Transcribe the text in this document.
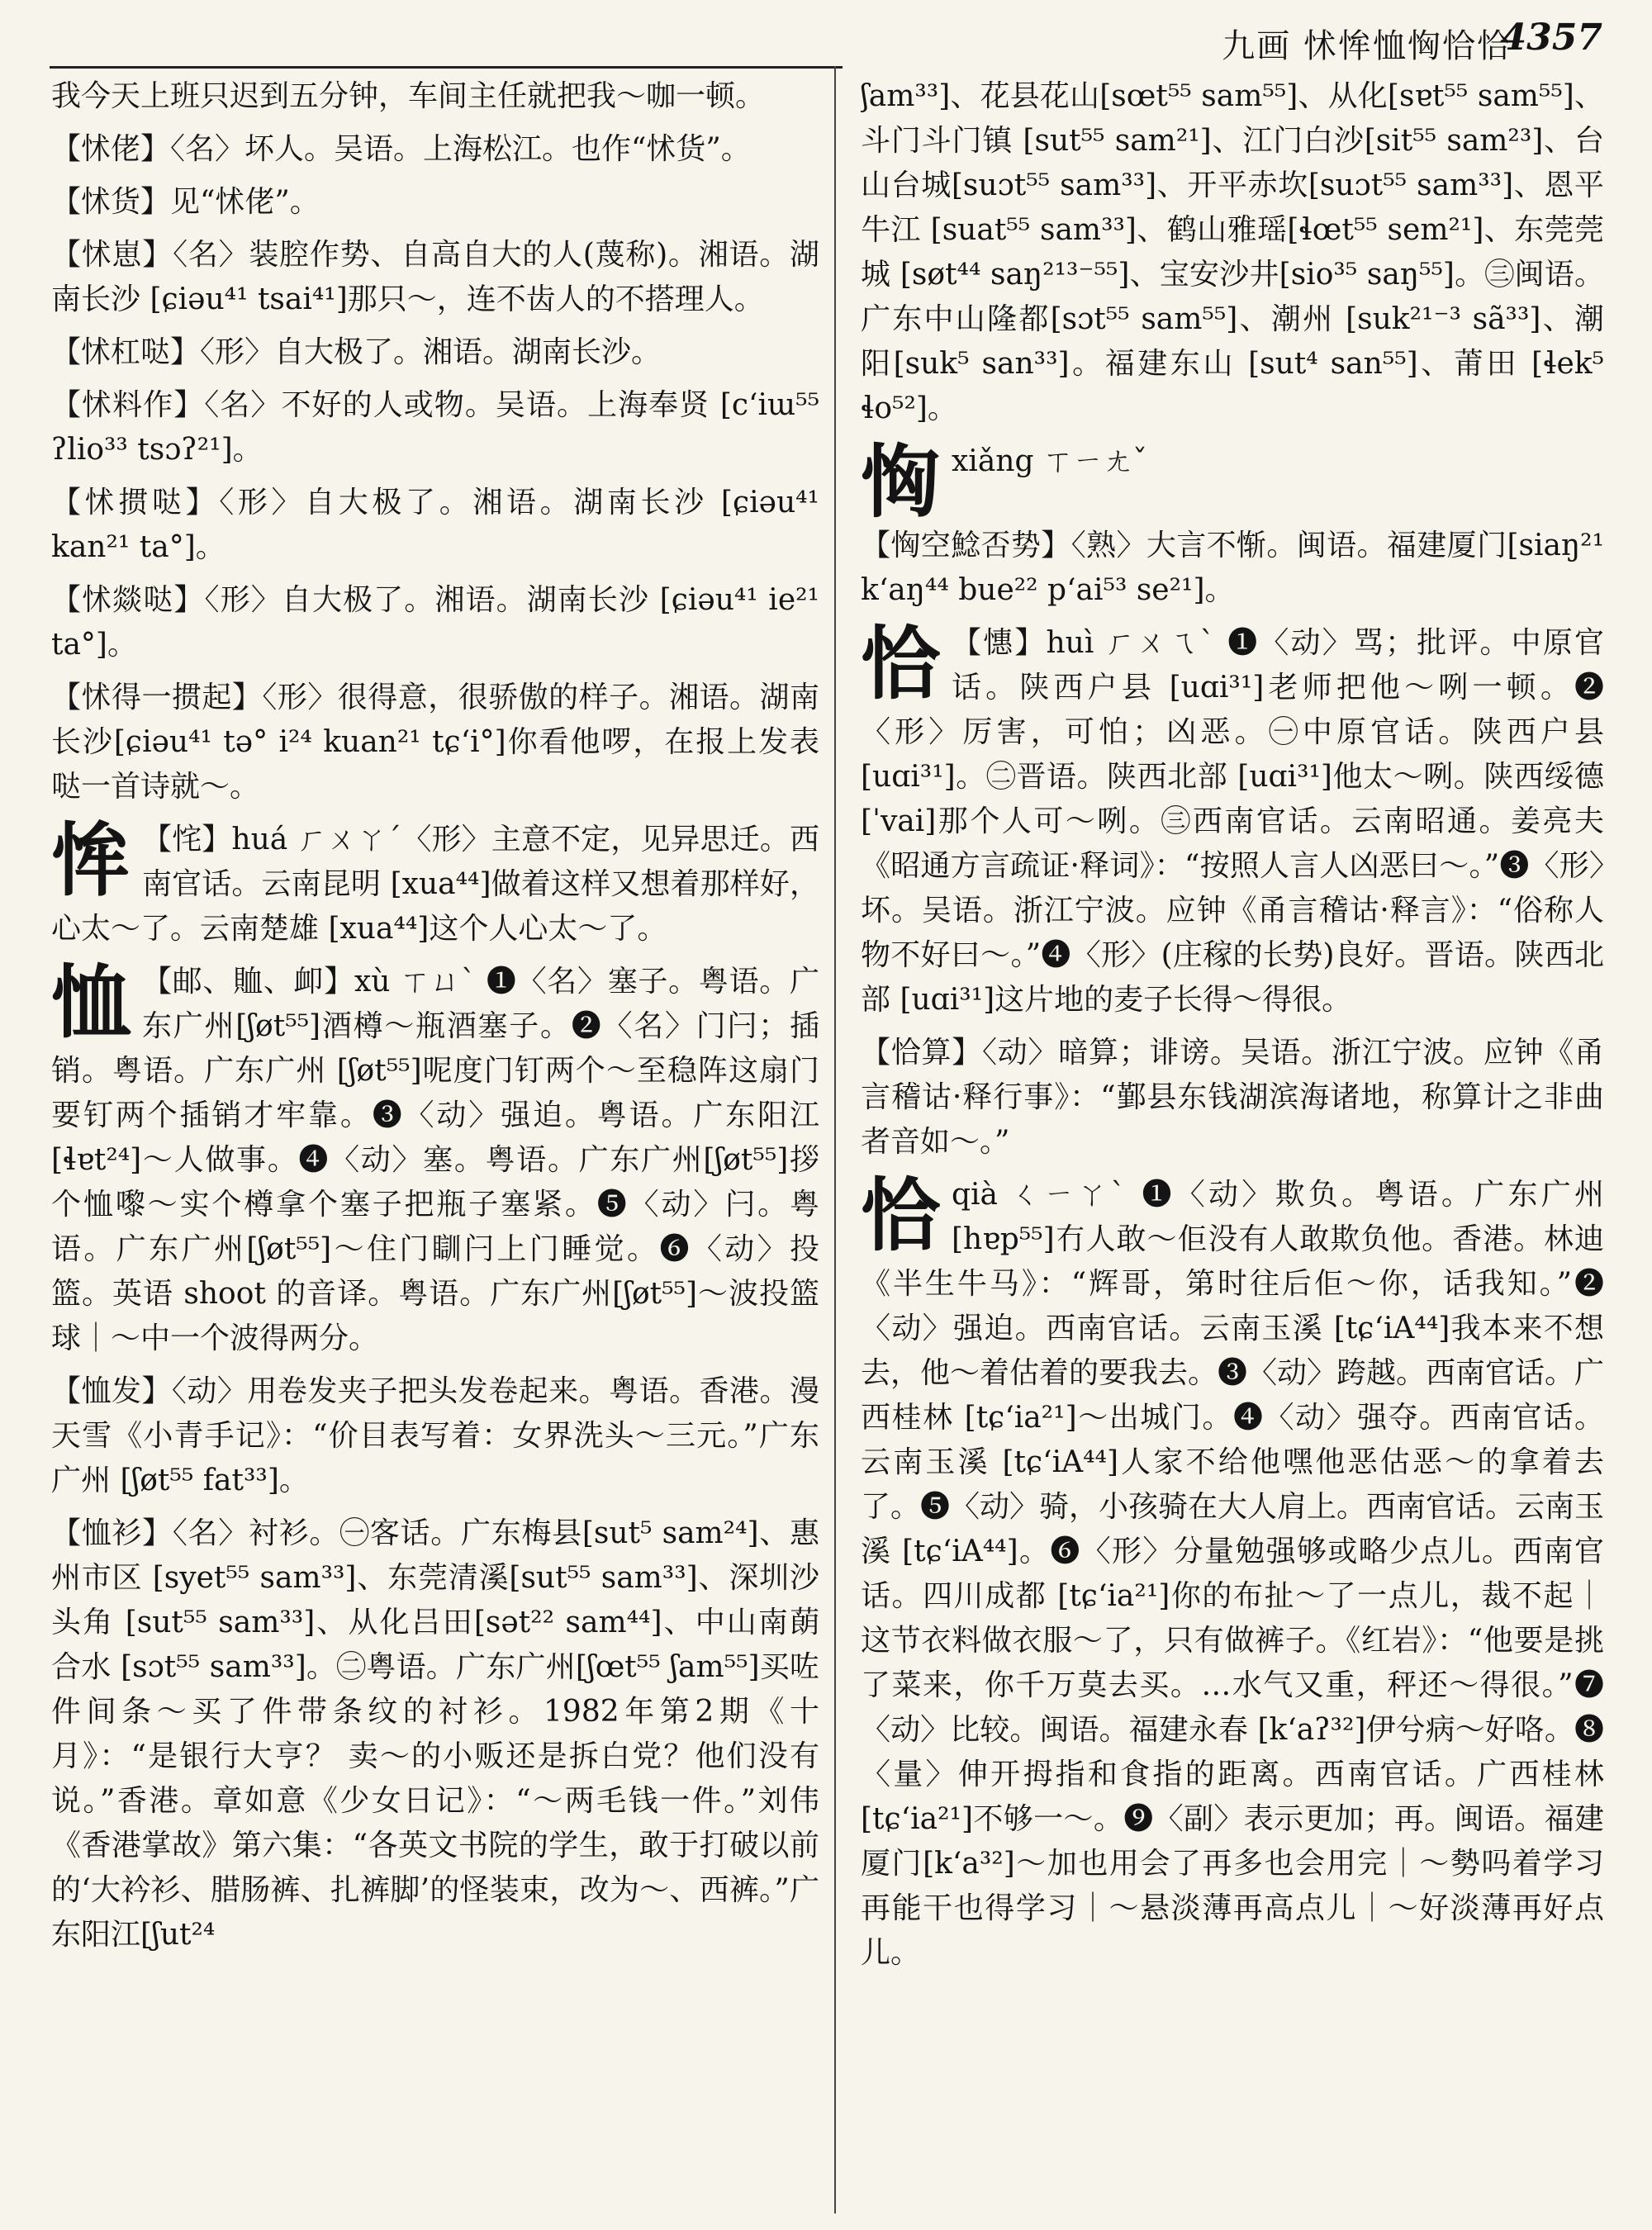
九画 怵恈恤恟恰恰
4357
我今天上班只迟到五分钟，车间主任就把我～咖一顿。
【怵佬】〈名〉坏人。吴语。上海松江。也作“怵货”。
【怵货】见“怵佬”。
【怵崽】〈名〉装腔作势、自高自大的人(蔑称)。湘语。湖南长沙 [ɕiəu⁴¹ tsai⁴¹]那只～，连不齿人的不搭理人。
【怵杠哒】〈形〉自大极了。湘语。湖南长沙。
【怵料作】〈名〉不好的人或物。吴语。上海奉贤 [cʻiɯ⁵⁵ ʔlio³³ tsɔʔ²¹]。
【怵掼哒】〈形〉自大极了。湘语。湖南长沙 [ɕiəu⁴¹ kan²¹ ta°]。
【怵燚哒】〈形〉自大极了。湘语。湖南长沙 [ɕiəu⁴¹ ie²¹ ta°]。
【怵得一掼起】〈形〉很得意，很骄傲的样子。湘语。湖南长沙[ɕiəu⁴¹ tə° i²⁴ kuan²¹ tɕʻi°]你看他啰，在报上发表哒一首诗就～。
恈 【㤞】huá ㄏㄨㄚˊ〈形〉主意不定，见异思迁。西南官话。云南昆明 [xua⁴⁴]做着这样又想着那样好，心太～了。云南楚雄 [xua⁴⁴]这个人心太～了。
恤 【邮、賉、卹】xù ㄒㄩˋ ❶〈名〉塞子。粤语。广东广州[ʃøt⁵⁵]酒樽～瓶酒塞子。❷〈名〉门闩；插销。粤语。广东广州 [ʃøt⁵⁵]呢度门钉两个～至稳阵这扇门要钉两个插销才牢靠。❸〈动〉强迫。粤语。广东阳江 [ɬɐt²⁴]～人做事。❹〈动〉塞。粤语。广东广州[ʃøt⁵⁵]拶个恤嚟～实个樽拿个塞子把瓶子塞紧。❺〈动〉闩。粤语。广东广州[ʃøt⁵⁵]～住门瞓闩上门睡觉。❻〈动〉投篮。英语 shoot 的音译。粤语。广东广州[ʃøt⁵⁵]～波投篮球｜～中一个波得两分。
【恤发】〈动〉用卷发夹子把头发卷起来。粤语。香港。漫天雪《小青手记》：“价目表写着：女界洗头～三元。”广东广州 [ʃøt⁵⁵ fat³³]。
【恤衫】〈名〉衬衫。㊀客话。广东梅县[sut⁵ sam²⁴]、惠州市区 [syet⁵⁵ sam³³]、东莞清溪[sut⁵⁵ sam³³]、深圳沙头角 [sut⁵⁵ sam³³]、从化吕田[sət²² sam⁴⁴]、中山南蓢合水 [sɔt⁵⁵ sam³³]。㊁粤语。广东广州[ʃœt⁵⁵ ʃam⁵⁵]买咗件间条～买了件带条纹的衬衫。1982年第2期《十月》：“是银行大亨？ 卖～的小贩还是拆白党？他们没有说。”香港。章如意《少女日记》：“～两毛钱一件。”刘伟《香港掌故》第六集：“各英文书院的学生，敢于打破以前的‘大衿衫、腊肠裤、扎裤脚’的怪装束，改为～、西裤。”广东阳江[ʃut²⁴
ʃam³³]、花县花山[sœt⁵⁵ sam⁵⁵]、从化[sɐt⁵⁵ sam⁵⁵]、斗门斗门镇 [sut⁵⁵ sam²¹]、江门白沙[sit⁵⁵ sam²³]、台山台城[suɔt⁵⁵ sam³³]、开平赤坎[suɔt⁵⁵ sam³³]、恩平牛江 [suat⁵⁵ sam³³]、鹤山雅瑶[ɬœt⁵⁵ sem²¹]、东莞莞城 [søt⁴⁴ saŋ²¹³⁻⁵⁵]、宝安沙井[sio³⁵ saŋ⁵⁵]。㊂闽语。广东中山隆都[sɔt⁵⁵ sam⁵⁵]、潮州 [suk²¹⁻³ sã³³]、潮阳[suk⁵ san³³]。福建东山 [sut⁴ san⁵⁵]、莆田 [ɬek⁵ ɬo⁵²]。
恟 xiǎng ㄒㄧㄤˇ
【恟空鯰否势】〈熟〉大言不惭。闽语。福建厦门[siaŋ²¹ kʻaŋ⁴⁴ bue²² pʻai⁵³ se²¹]。
恰 【憓】huì ㄏㄨㄟˋ ❶〈动〉骂；批评。中原官话。陕西户县 [uɑi³¹]老师把他～咧一顿。❷〈形〉厉害，可怕；凶恶。㊀中原官话。陕西户县 [uɑi³¹]。㊁晋语。陕西北部 [uɑi³¹]他太～咧。陕西绥德 [ˈvai]那个人可～咧。㊂西南官话。云南昭通。姜亮夫《昭通方言疏证·释词》：“按照人言人凶恶曰～。”❸〈形〉坏。吴语。浙江宁波。应钟《甬言稽诂·释言》：“俗称人物不好曰～。”❹〈形〉(庄稼的长势)良好。晋语。陕西北部 [uɑi³¹]这片地的麦子长得～得很。
【恰算】〈动〉暗算；诽谤。吴语。浙江宁波。应钟《甬言稽诂·释行事》：“鄞县东钱湖滨海诸地，称算计之非曲者音如～。”
恰 qià ㄑㄧㄚˋ ❶〈动〉欺负。粤语。广东广州[hɐp⁵⁵]冇人敢～佢没有人敢欺负他。香港。林迪《半生牛马》：“辉哥，第时往后佢～你，话我知。”❷〈动〉强迫。西南官话。云南玉溪 [tɕʻiA⁴⁴]我本来不想去，他～着估着的要我去。❸〈动〉跨越。西南官话。广西桂林 [tɕʻia²¹]～出城门。❹〈动〉强夺。西南官话。云南玉溪 [tɕʻiA⁴⁴]人家不给他嘿他恶估恶～的拿着去了。❺〈动〉骑，小孩骑在大人肩上。西南官话。云南玉溪 [tɕʻiA⁴⁴]。❻〈形〉分量勉强够或略少点儿。西南官话。四川成都 [tɕʻia²¹]你的布扯～了一点儿，裁不起｜这节衣料做衣服～了，只有做裤子。《红岩》：“他要是挑了菜来，你千万莫去买。…水气又重，秤还～得很。”❼〈动〉比较。闽语。福建永春 [kʻaʔ³²]伊兮病～好咯。❽〈量〉伸开拇指和食指的距离。西南官话。广西桂林 [tɕʻia²¹]不够一～。❾〈副〉表示更加；再。闽语。福建厦门[kʻa³²]～加也用会了再多也会用完｜～勢吗着学习再能干也得学习｜～悬淡薄再高点儿｜～好淡薄再好点儿。
